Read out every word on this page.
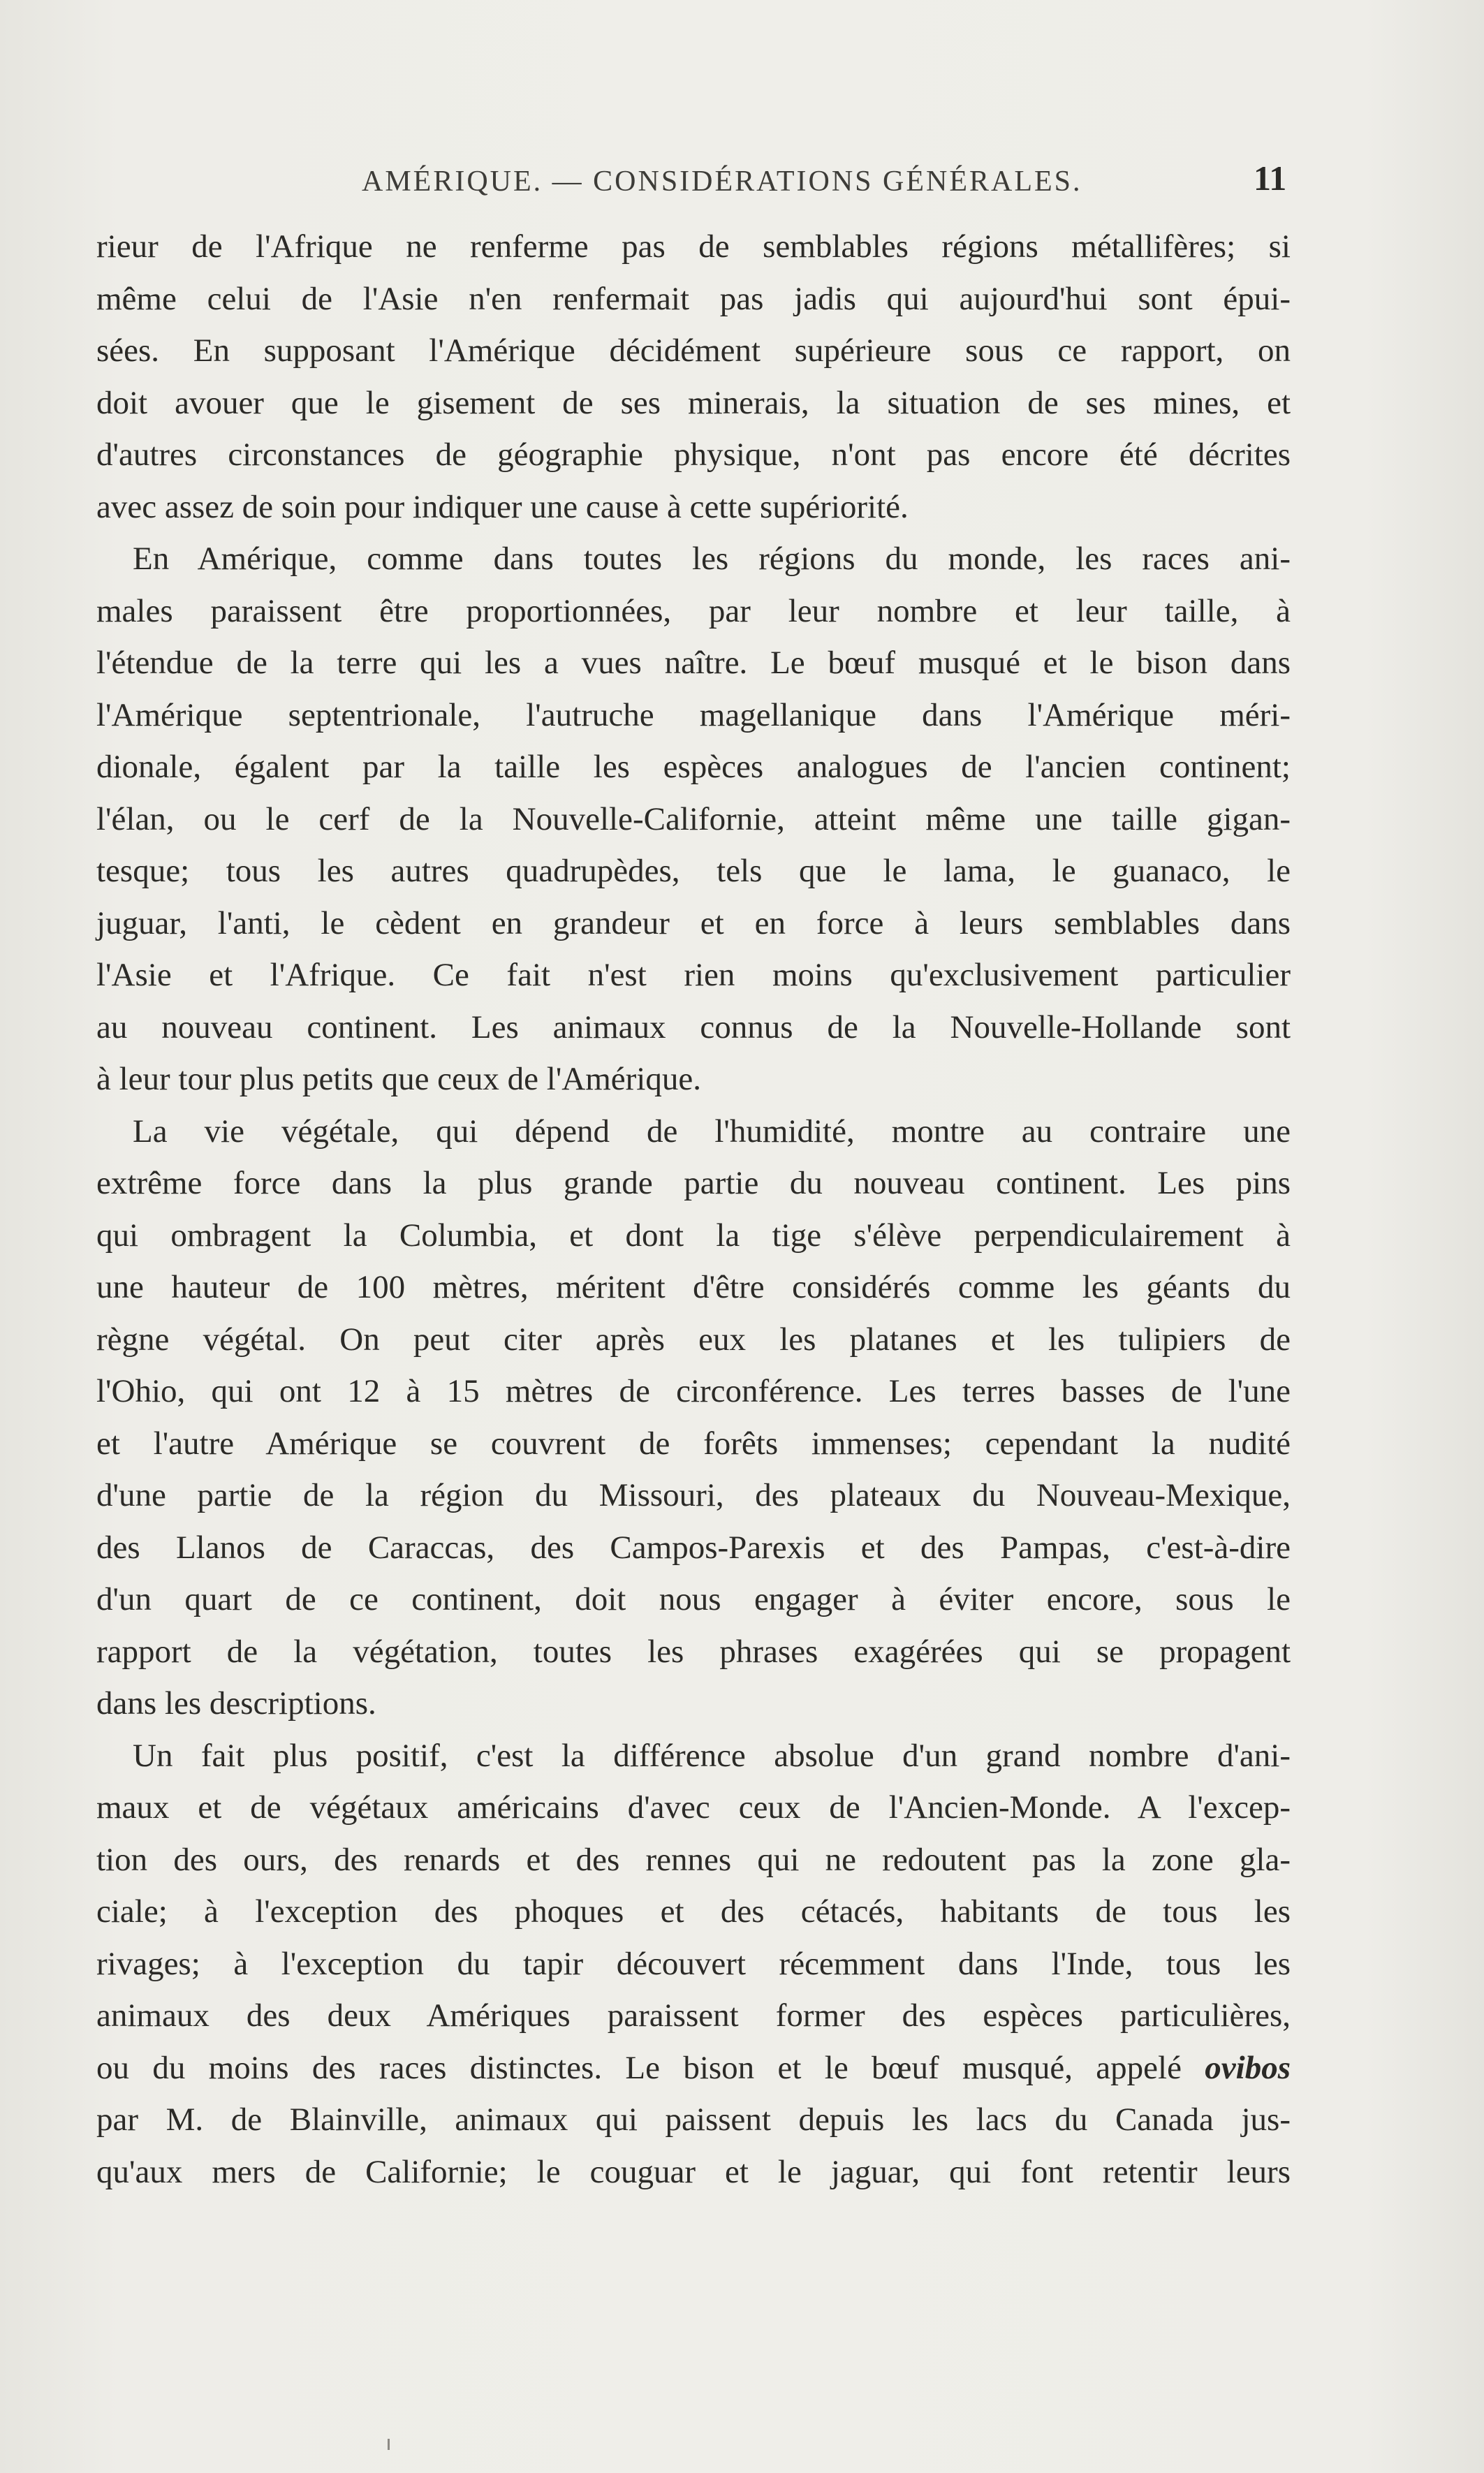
AMÉRIQUE. — CONSIDÉRATIONS GÉNÉRALES.	11
rieur de l'Afrique ne renferme pas de semblables régions métallifères; si
même celui de l'Asie n'en renfermait pas jadis qui aujourd'hui sont épui-
sées. En supposant l'Amérique décidément supérieure sous ce rapport, on
doit avouer que le gisement de ses minerais, la situation de ses mines, et
d'autres circonstances de géographie physique, n'ont pas encore été décrites
avec assez de soin pour indiquer une cause à cette supériorité.
En Amérique, comme dans toutes les régions du monde, les races ani-
males paraissent être proportionnées, par leur nombre et leur taille, à
l'étendue de la terre qui les a vues naître. Le bœuf musqué et le bison dans
l'Amérique septentrionale, l'autruche magellanique dans l'Amérique méri-
dionale, égalent par la taille les espèces analogues de l'ancien continent;
l'élan, ou le cerf de la Nouvelle-Californie, atteint même une taille gigan-
tesque; tous les autres quadrupèdes, tels que le lama, le guanaco, le
juguar, l'anti, le cèdent en grandeur et en force à leurs semblables dans
l'Asie et l'Afrique. Ce fait n'est rien moins qu'exclusivement particulier
au nouveau continent. Les animaux connus de la Nouvelle-Hollande sont
à leur tour plus petits que ceux de l'Amérique.
La vie végétale, qui dépend de l'humidité, montre au contraire une
extrême force dans la plus grande partie du nouveau continent. Les pins
qui ombragent la Columbia, et dont la tige s'élève perpendiculairement à
une hauteur de 100 mètres, méritent d'être considérés comme les géants du
règne végétal. On peut citer après eux les platanes et les tulipiers de
l'Ohio, qui ont 12 à 15 mètres de circonférence. Les terres basses de l'une
et l'autre Amérique se couvrent de forêts immenses; cependant la nudité
d'une partie de la région du Missouri, des plateaux du Nouveau-Mexique,
des Llanos de Caraccas, des Campos-Parexis et des Pampas, c'est-à-dire
d'un quart de ce continent, doit nous engager à éviter encore, sous le
rapport de la végétation, toutes les phrases exagérées qui se propagent
dans les descriptions.
Un fait plus positif, c'est la différence absolue d'un grand nombre d'ani-
maux et de végétaux américains d'avec ceux de l'Ancien-Monde. A l'excep-
tion des ours, des renards et des rennes qui ne redoutent pas la zone gla-
ciale; à l'exception des phoques et des cétacés, habitants de tous les
rivages; à l'exception du tapir découvert récemment dans l'Inde, tous les
animaux des deux Amériques paraissent former des espèces particulières,
ou du moins des races distinctes. Le bison et le bœuf musqué, appelé ovibos
par M. de Blainville, animaux qui paissent depuis les lacs du Canada jus-
qu'aux mers de Californie; le couguar et le jaguar, qui font retentir leurs
